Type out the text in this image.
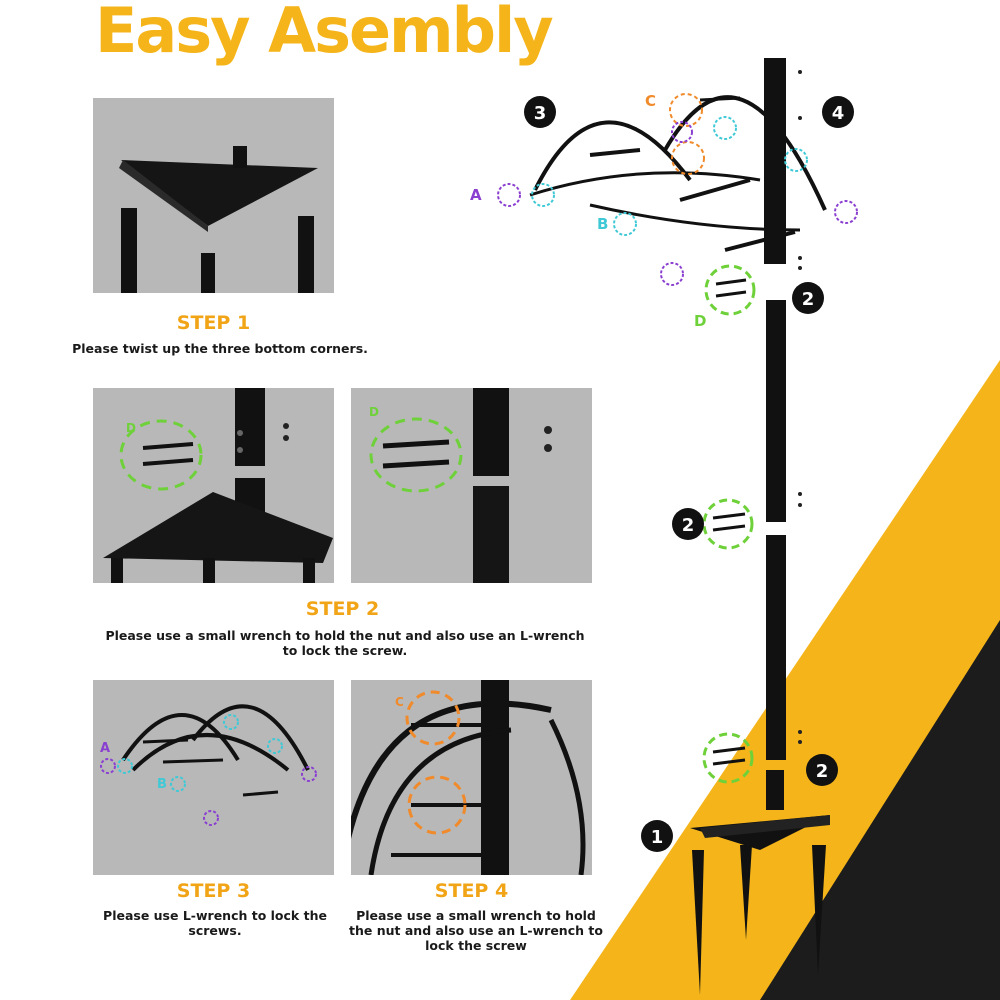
Easy Asembly
STEP 1
Please twist up the three bottom corners.
D
D
STEP 2
Please use a small wrench to hold the nut and also use an L-wrench
to lock the screw.
A
B
STEP 3
Please use L-wrench to lock the
screws.
C
STEP 4
Please use a small wrench to hold
the nut and also use an L-wrench to
lock the screw
A
B
C
D
3	4
2
2
2
1
